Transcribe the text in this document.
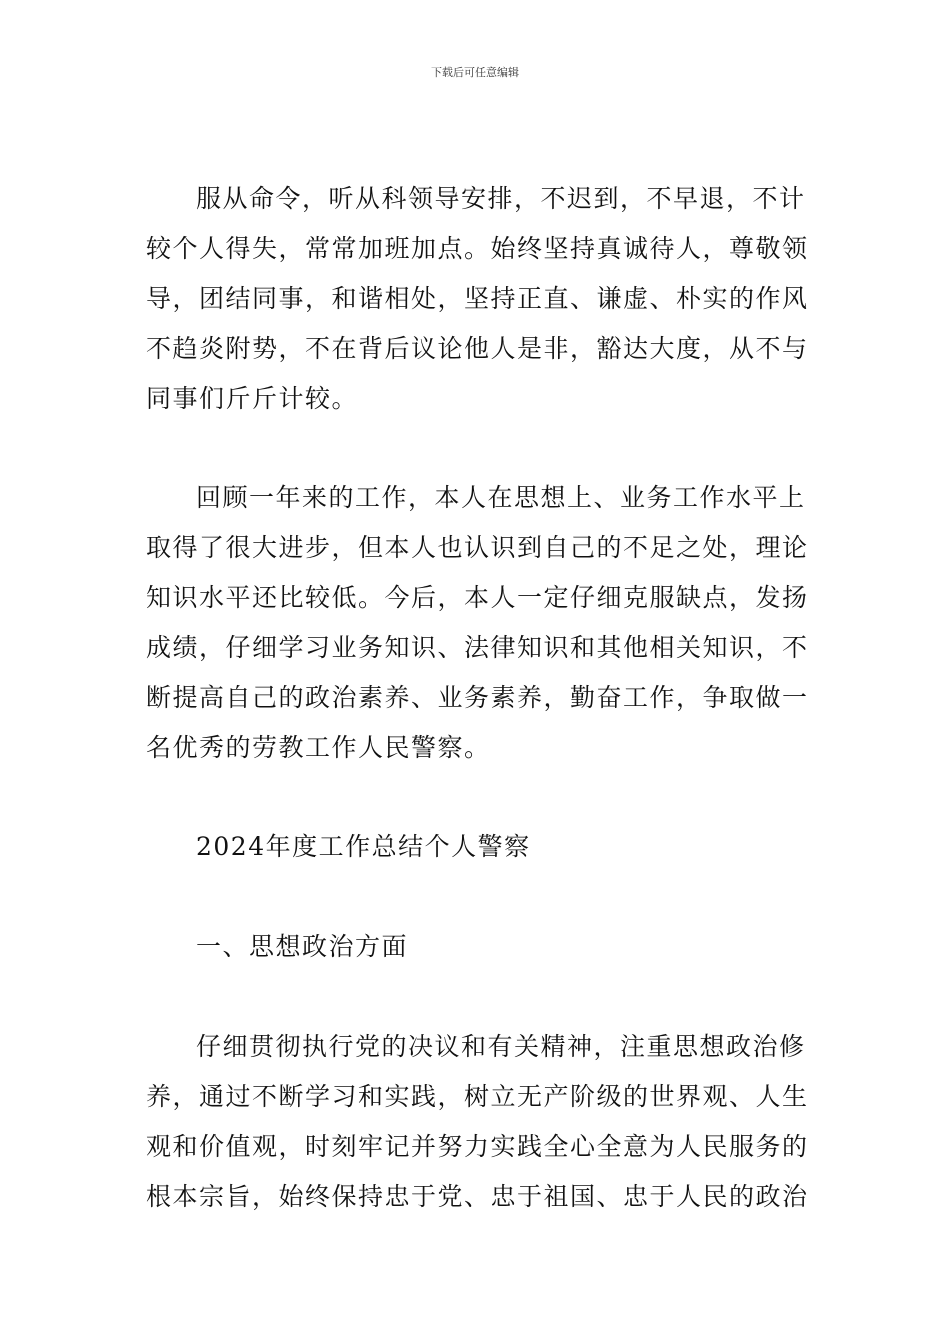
下载后可任意编辑
服从命令，听从科领导安排，不迟到，不早退，不计
较个人得失，常常加班加点。始终坚持真诚待人，尊敬领
导，团结同事，和谐相处，坚持正直、谦虚、朴实的作风
不趋炎附势，不在背后议论他人是非，豁达大度，从不与
同事们斤斤计较。
回顾一年来的工作，本人在思想上、业务工作水平上
取得了很大进步，但本人也认识到自己的不足之处，理论
知识水平还比较低。今后，本人一定仔细克服缺点，发扬
成绩，仔细学习业务知识、法律知识和其他相关知识，不
断提高自己的政治素养、业务素养，勤奋工作，争取做一
名优秀的劳教工作人民警察。
2024年度工作总结个人警察
一、思想政治方面
仔细贯彻执行党的决议和有关精神，注重思想政治修
养，通过不断学习和实践，树立无产阶级的世界观、人生
观和价值观，时刻牢记并努力实践全心全意为人民服务的
根本宗旨，始终保持忠于党、忠于祖国、忠于人民的政治
